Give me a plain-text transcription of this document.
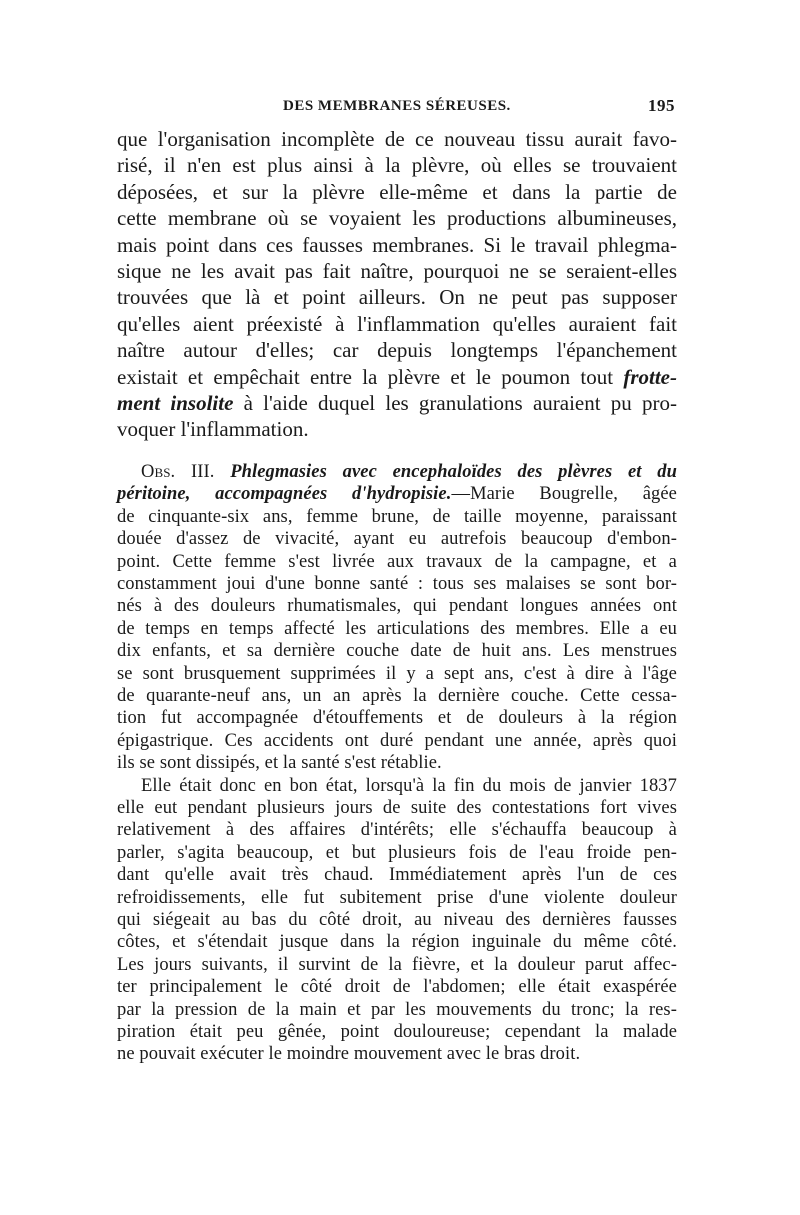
DES MEMBRANES SÉREUSES.	195
que l'organisation incomplète de ce nouveau tissu aurait favo-
risé, il n'en est plus ainsi à la plèvre, où elles se trouvaient
déposées, et sur la plèvre elle-même et dans la partie de
cette membrane où se voyaient les productions albumineuses,
mais point dans ces fausses membranes. Si le travail phlegma-
sique ne les avait pas fait naître, pourquoi ne se seraient-elles
trouvées que là et point ailleurs. On ne peut pas supposer
qu'elles aient préexisté à l'inflammation qu'elles auraient fait
naître autour d'elles; car depuis longtemps l'épanchement
existait et empêchait entre la plèvre et le poumon tout frotte-
ment insolite à l'aide duquel les granulations auraient pu pro-
voquer l'inflammation.
Obs. III. Phlegmasies avec encephaloïdes des plèvres et du
péritoine, accompagnées d'hydropisie.—Marie Bougrelle, âgée
de cinquante-six ans, femme brune, de taille moyenne, paraissant
douée d'assez de vivacité, ayant eu autrefois beaucoup d'embon-
point. Cette femme s'est livrée aux travaux de la campagne, et a
constamment joui d'une bonne santé : tous ses malaises se sont bor-
nés à des douleurs rhumatismales, qui pendant longues années ont
de temps en temps affecté les articulations des membres. Elle a eu
dix enfants, et sa dernière couche date de huit ans. Les menstrues
se sont brusquement supprimées il y a sept ans, c'est à dire à l'âge
de quarante-neuf ans, un an après la dernière couche. Cette cessa-
tion fut accompagnée d'étouffements et de douleurs à la région
épigastrique. Ces accidents ont duré pendant une année, après quoi
ils se sont dissipés, et la santé s'est rétablie.
Elle était donc en bon état, lorsqu'à la fin du mois de janvier 1837
elle eut pendant plusieurs jours de suite des contestations fort vives
relativement à des affaires d'intérêts; elle s'échauffa beaucoup à
parler, s'agita beaucoup, et but plusieurs fois de l'eau froide pen-
dant qu'elle avait très chaud. Immédiatement après l'un de ces
refroidissements, elle fut subitement prise d'une violente douleur
qui siégeait au bas du côté droit, au niveau des dernières fausses
côtes, et s'étendait jusque dans la région inguinale du même côté.
Les jours suivants, il survint de la fièvre, et la douleur parut affec-
ter principalement le côté droit de l'abdomen; elle était exaspérée
par la pression de la main et par les mouvements du tronc; la res-
piration était peu gênée, point douloureuse; cependant la malade
ne pouvait exécuter le moindre mouvement avec le bras droit.
